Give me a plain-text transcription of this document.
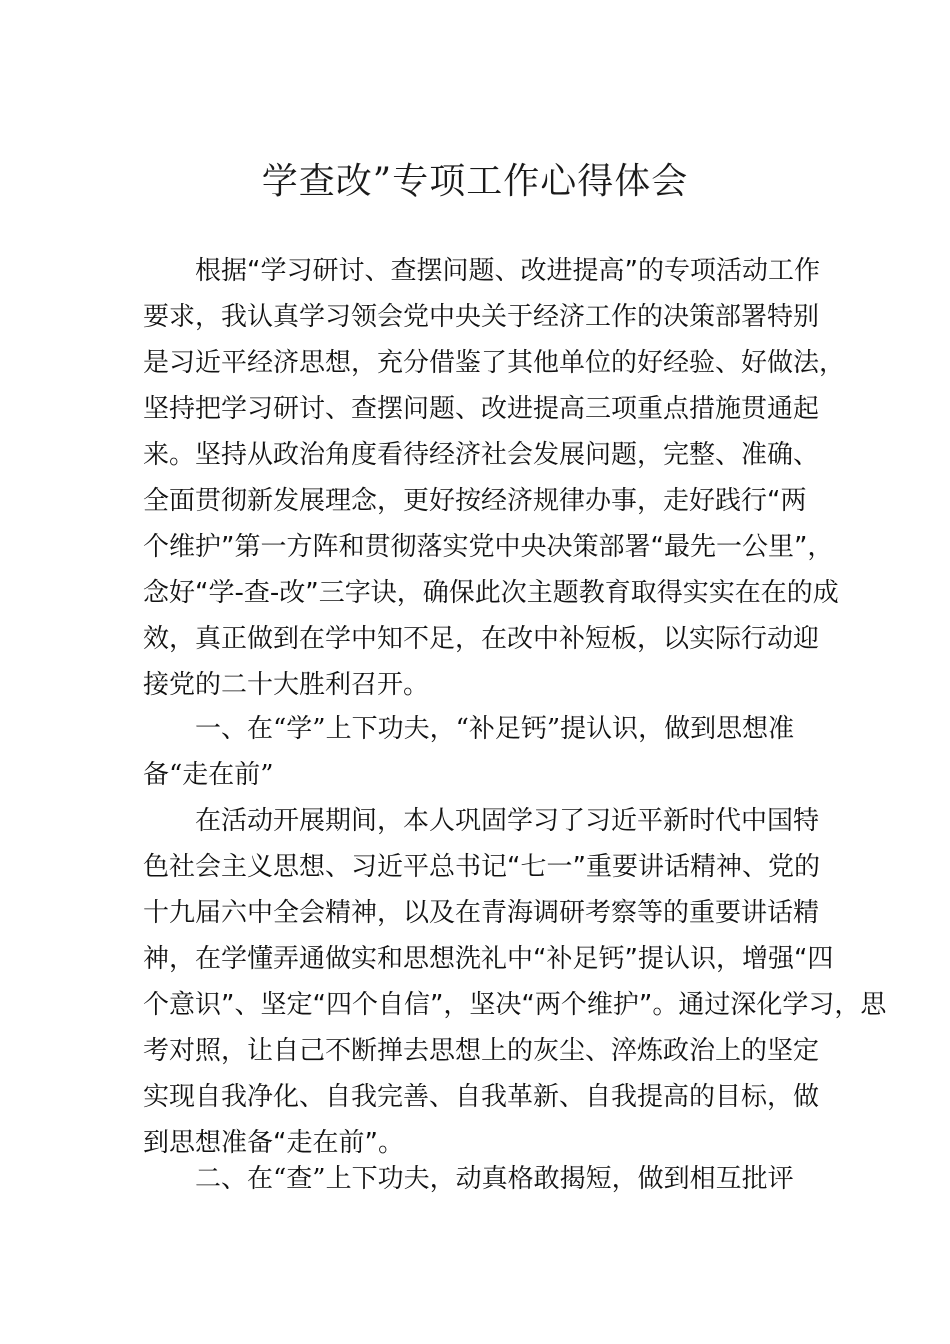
学查改”专项工作心得体会
根据“学习研讨、查摆问题、改进提高”的专项活动工作
要求，我认真学习领会党中央关于经济工作的决策部署特别
是习近平经济思想，充分借鉴了其他单位的好经验、好做法，
坚持把学习研讨、查摆问题、改进提高三项重点措施贯通起
来。坚持从政治角度看待经济社会发展问题，完整、准确、
全面贯彻新发展理念，更好按经济规律办事，走好践行“两
个维护”第一方阵和贯彻落实党中央决策部署“最先一公里”，
念好“学-查-改”三字诀，确保此次主题教育取得实实在在的成
效，真正做到在学中知不足，在改中补短板，以实际行动迎
接党的二十大胜利召开。
一、在“学”上下功夫，“补足钙”提认识，做到思想准
备“走在前”
在活动开展期间，本人巩固学习了习近平新时代中国特
色社会主义思想、习近平总书记“七一”重要讲话精神、党的
十九届六中全会精神，以及在青海调研考察等的重要讲话精
神，在学懂弄通做实和思想洗礼中“补足钙”提认识，增强“四
个意识”、坚定“四个自信”，坚决“两个维护”。通过深化学习，思
考对照，让自己不断掸去思想上的灰尘、淬炼政治上的坚定
实现自我净化、自我完善、自我革新、自我提高的目标，做
到思想准备“走在前”。
二、在“查”上下功夫，动真格敢揭短，做到相互批评
